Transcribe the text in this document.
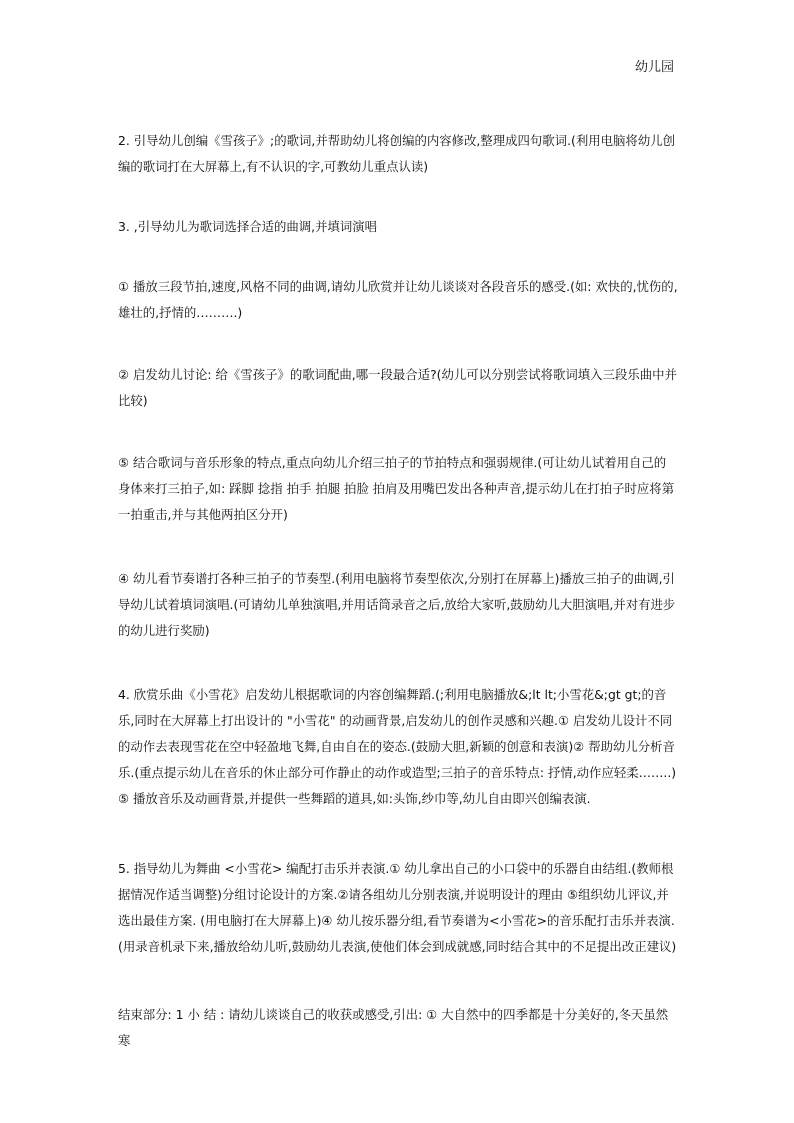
幼儿园
2. 引导幼儿创编《雪孩子》;的歌词,并帮助幼儿将创编的内容修改,整理成四句歌词.(利用电脑将幼儿创编的歌词打在大屏幕上,有不认识的字,可教幼儿重点认读)
3. ,引导幼儿为歌词选择合适的曲调,并填词演唱
① 播放三段节拍,速度,风格不同的曲调,请幼儿欣赏并让幼儿谈谈对各段音乐的感受.(如: 欢快的,忧伤的,雄壮的,抒情的……….)
② 启发幼儿讨论: 给《雪孩子》的歌词配曲,哪一段最合适?(幼儿可以分别尝试将歌词填入三段乐曲中并比较)
⑤ 结合歌词与音乐形象的特点,重点向幼儿介绍三拍子的节拍特点和强弱规律.(可让幼儿试着用自己的身体来打三拍子,如: 踩脚 捻指 拍手 拍腿 拍脸 拍肩及用嘴巴发出各种声音,提示幼儿在打拍子时应将第一拍重击,并与其他两拍区分开)
④ 幼儿看节奏谱打各种三拍子的节奏型.(利用电脑将节奏型依次,分别打在屏幕上)播放三拍子的曲调,引导幼儿试着填词演唱.(可请幼儿单独演唱,并用话筒录音之后,放给大家听,鼓励幼儿大胆演唱,并对有进步的幼儿进行奖励)
4. 欣赏乐曲《小雪花》启发幼儿根据歌词的内容创编舞蹈.(;利用电脑播放&;lt lt;小雪花&;gt gt;的音乐,同时在大屏幕上打出设计的 "小雪花" 的动画背景,启发幼儿的创作灵感和兴趣.① 启发幼儿设计不同的动作去表现雪花在空中轻盈地飞舞,自由自在的姿态.(鼓励大胆,新颖的创意和表演)② 帮助幼儿分析音乐.(重点提示幼儿在音乐的休止部分可作静止的动作或造型;三拍子的音乐特点: 抒情,动作应轻柔……..)⑤ 播放音乐及动画背景,并提供一些舞蹈的道具,如:头饰,纱巾等,幼儿自由即兴创编表演.
5. 指导幼儿为舞曲 <小雪花> 编配打击乐并表演.① 幼儿拿出自己的小口袋中的乐器自由结组.(教师根据情况作适当调整)分组讨论设计的方案.②请各组幼儿分别表演,并说明设计的理由 ⑤组织幼儿评议,并选出最佳方案. (用电脑打在大屏幕上)④ 幼儿按乐器分组,看节奏谱为<小雪花>的音乐配打击乐并表演. (用录音机录下来,播放给幼儿听,鼓励幼儿表演,使他们体会到成就感,同时结合其中的不足提出改正建议)
结束部分: 1 小 结 : 请幼儿谈谈自己的收获或感受,引出: ① 大自然中的四季都是十分美好的,冬天虽然寒
